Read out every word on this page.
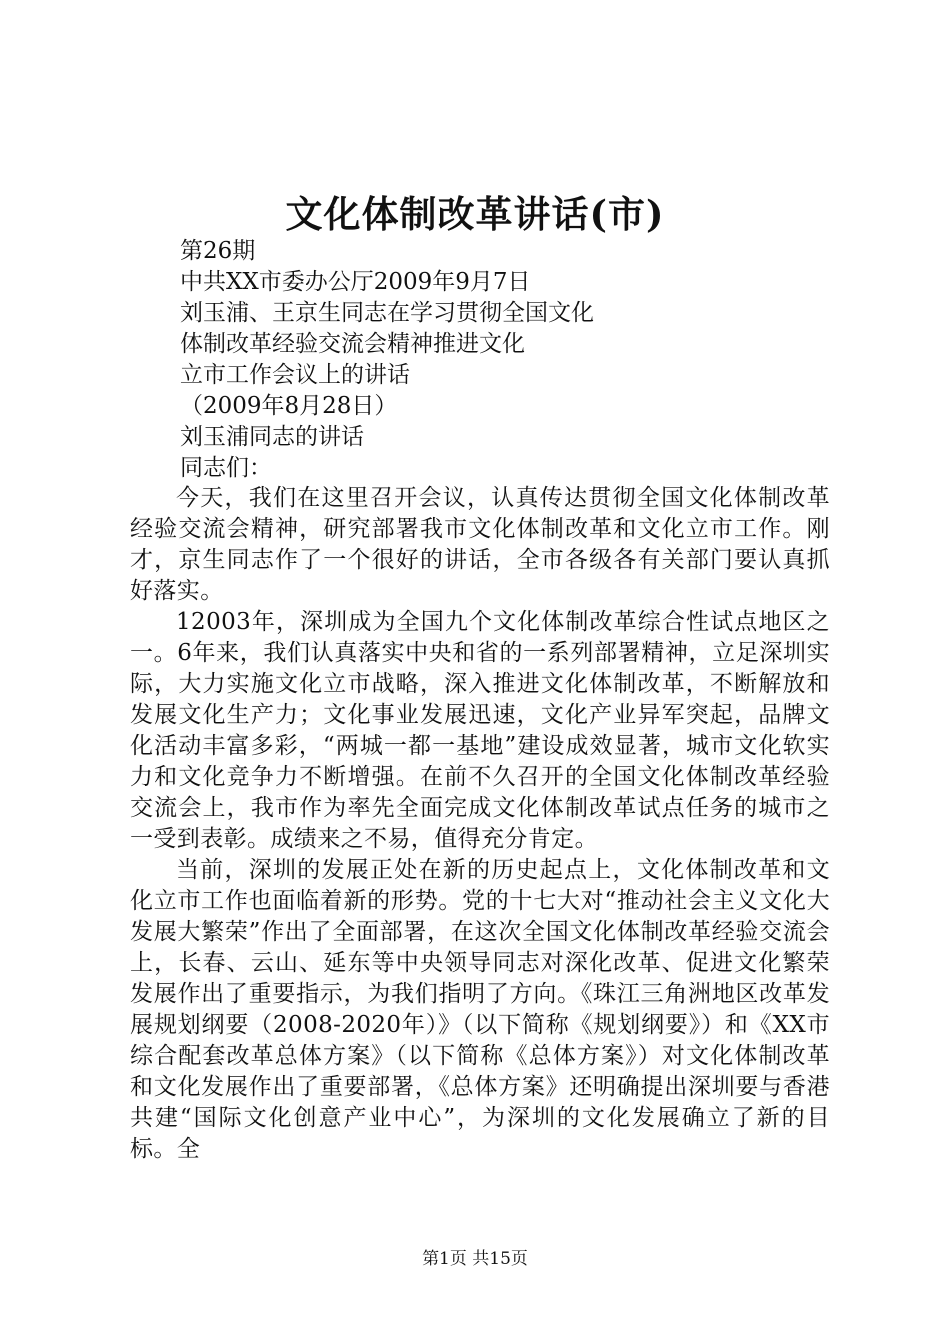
文化体制改革讲话(市)
第26期
中共XX市委办公厅2009年9月7日
刘玉浦、王京生同志在学习贯彻全国文化
体制改革经验交流会精神推进文化
立市工作会议上的讲话
（2009年8月28日）
刘玉浦同志的讲话
同志们：

今天，我们在这里召开会议，认真传达贯彻全国文化体制改革经验交流会精神，研究部署我市文化体制改革和文化立市工作。刚才，京生同志作了一个很好的讲话，全市各级各有关部门要认真抓好落实。

12003年，深圳成为全国九个文化体制改革综合性试点地区之一。6年来，我们认真落实中央和省的一系列部署精神，立足深圳实际，大力实施文化立市战略，深入推进文化体制改革，不断解放和发展文化生产力；文化事业发展迅速，文化产业异军突起，品牌文化活动丰富多彩，“两城一都一基地”建设成效显著，城市文化软实力和文化竞争力不断增强。在前不久召开的全国文化体制改革经验交流会上，我市作为率先全面完成文化体制改革试点任务的城市之一受到表彰。成绩来之不易，值得充分肯定。

当前，深圳的发展正处在新的历史起点上，文化体制改革和文化立市工作也面临着新的形势。党的十七大对“推动社会主义文化大发展大繁荣”作出了全面部署，在这次全国文化体制改革经验交流会上，长春、云山、延东等中央领导同志对深化改革、促进文化繁荣发展作出了重要指示，为我们指明了方向。《珠江三角洲地区改革发展规划纲要（2008-2020年）》（以下简称《规划纲要》）和《XX市综合配套改革总体方案》（以下简称《总体方案》）对文化体制改革和文化发展作出了重要部署，《总体方案》还明确提出深圳要与香港共建“国际文化创意产业中心”，为深圳的文化发展确立了新的目标。全

第1页 共15页
